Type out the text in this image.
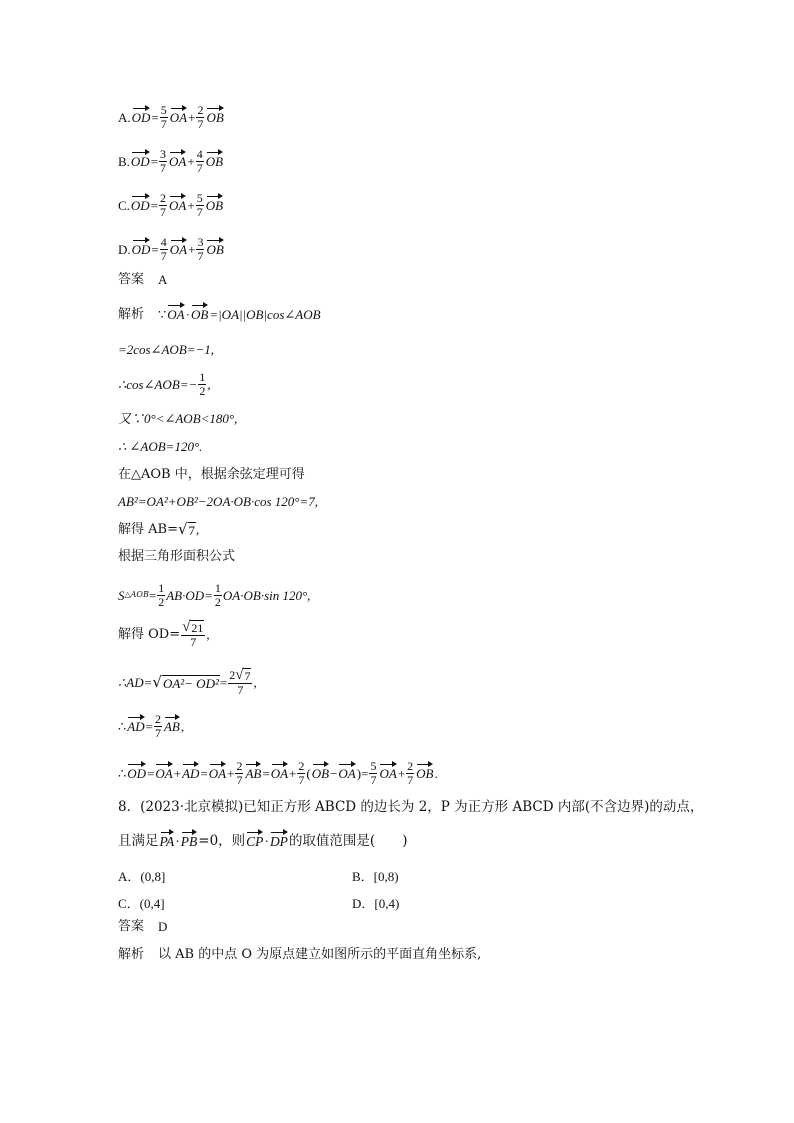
A. OD = $\frac{5}{7}$ OA + $\frac{2}{7}$ OB
B. OD = $\frac{3}{7}$ OA + $\frac{4}{7}$ OB
C. OD = $\frac{2}{7}$ OA + $\frac{5}{7}$ OB
D. OD = $\frac{4}{7}$ OA + $\frac{3}{7}$ OB
答案 A
解析 ∵ OA · OB =|OA||OB|cos∠AOB
=2cos∠AOB=−1,
∴cos∠AOB=− $\frac{1}{2}$ ,
又∵0°<∠AOB<180°,
∴ ∠AOB=120°.
在△AOB 中，根据余弦定理可得
AB²=OA²+OB²−2OA·OB·cos 120°=7,
解得 AB= √ 7 ,
根据三角形面积公式
S △AOB = $\frac{1}{2} AB\cdot OD= \frac{1}{2} OA\cdot OB\cdot\sin$ 120°,
解得 $OD= \frac{√ 21}{7}$ ,
∴AD= √ $OA^2- OD^2 = \frac{2 √ 7}{7}$ ,
∴ AD = $\frac{2}{7}$ AB ,
∴ OD = OA + AD = OA + $\frac{2}{7}$ AB = OA + $\frac{2}{7}$ ( OB − OA )= $\frac{5}{7}$ OA + $\frac{2}{7}$ OB .
8．(2023·北京模拟)已知正方形 ABCD 的边长为 2，P 为正方形 ABCD 内部(不含边界)的动点，
且满足 PA · PB =0，则 CP · DP 的取值范围是(　　)
A．(0,8]	B．[0,8)
C．(0,4]	D．[0,4)
答案 D
解析 以 AB 的中点 O 为原点建立如图所示的平面直角坐标系,
